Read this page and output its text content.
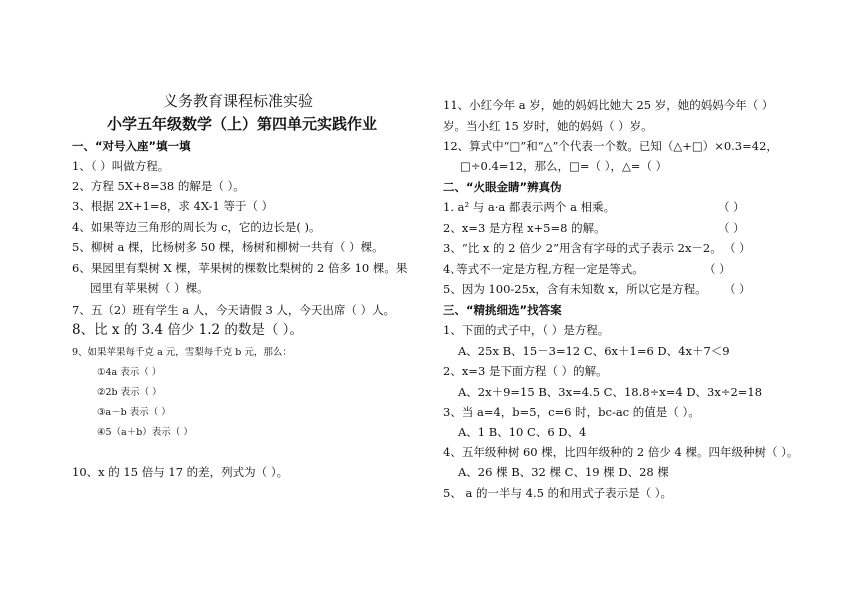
义务教育课程标准实验
小学五年级数学（上）第四单元实践作业
一、“对号入座”填一填
1、（ ）叫做方程。
2、方程 5X+8=38 的解是（ ）。
3、根据 2X+1=8，求 4X-1 等于（ ）
4、如果等边三角形的周长为 c，它的边长是( )。
5、柳树 a 棵，比杨树多 50 棵，杨树和柳树一共有（ ）棵。
6、果园里有梨树 X 棵，苹果树的棵数比梨树的 2 倍多 10 棵。果
园里有苹果树（ ）棵。
7、五（2）班有学生 a 人，今天请假 3 人，今天出席（ ）人。
8、比 x 的 3.4 倍少 1.2 的数是（ ）。
9、如果苹果每千克 a 元，雪梨每千克 b 元，那么：
①4a 表示（ ）
②2b 表示（ ）
③a－b 表示（ ）
④5（a＋b）表示（ ）
10、x 的 15 倍与 17 的差，列式为（ ）。
11、小红今年 a 岁，她的妈妈比她大 25 岁，她的妈妈今年（ ）
岁。当小红 15 岁时，她的妈妈（ ）岁。
12、算式中“□”和“△”个代表一个数。已知（△+□）×0.3=42，
□÷0.4=12，那么，□=（ ），△=（ ）
二、“火眼金睛”辨真伪
1. a² 与 a·a 都表示两个 a 相乘。	（ ）
2、x=3 是方程 x+5=8 的解。	（ ）
3、“比 x 的 2 倍少 2”用含有字母的式子表示 2x－2。 （ ）
4､等式不一定是方程,方程一定是等式。	（ ）
5、因为 100-25x，含有未知数 x，所以它是方程。 （ ）
三、“精挑细选”找答案
1、下面的式子中，（ ）是方程。
A、25x B、15－3=12 C、6x＋1=6 D、4x＋7＜9
2、x=3 是下面方程（ ）的解。
A、2x＋9=15 B、3x=4.5 C、18.8÷x=4 D、3x÷2=18
3、当 a=4，b=5，c=6 时，bc-ac 的值是（ ）。
A、1 B、10 C、6 D、4
4、五年级种树 60 棵，比四年级种的 2 倍少 4 棵。四年级种树（ ）。
A、26 棵 B、32 棵 C、19 棵 D、28 棵
5、 a 的一半与 4.5 的和用式子表示是（ ）。
